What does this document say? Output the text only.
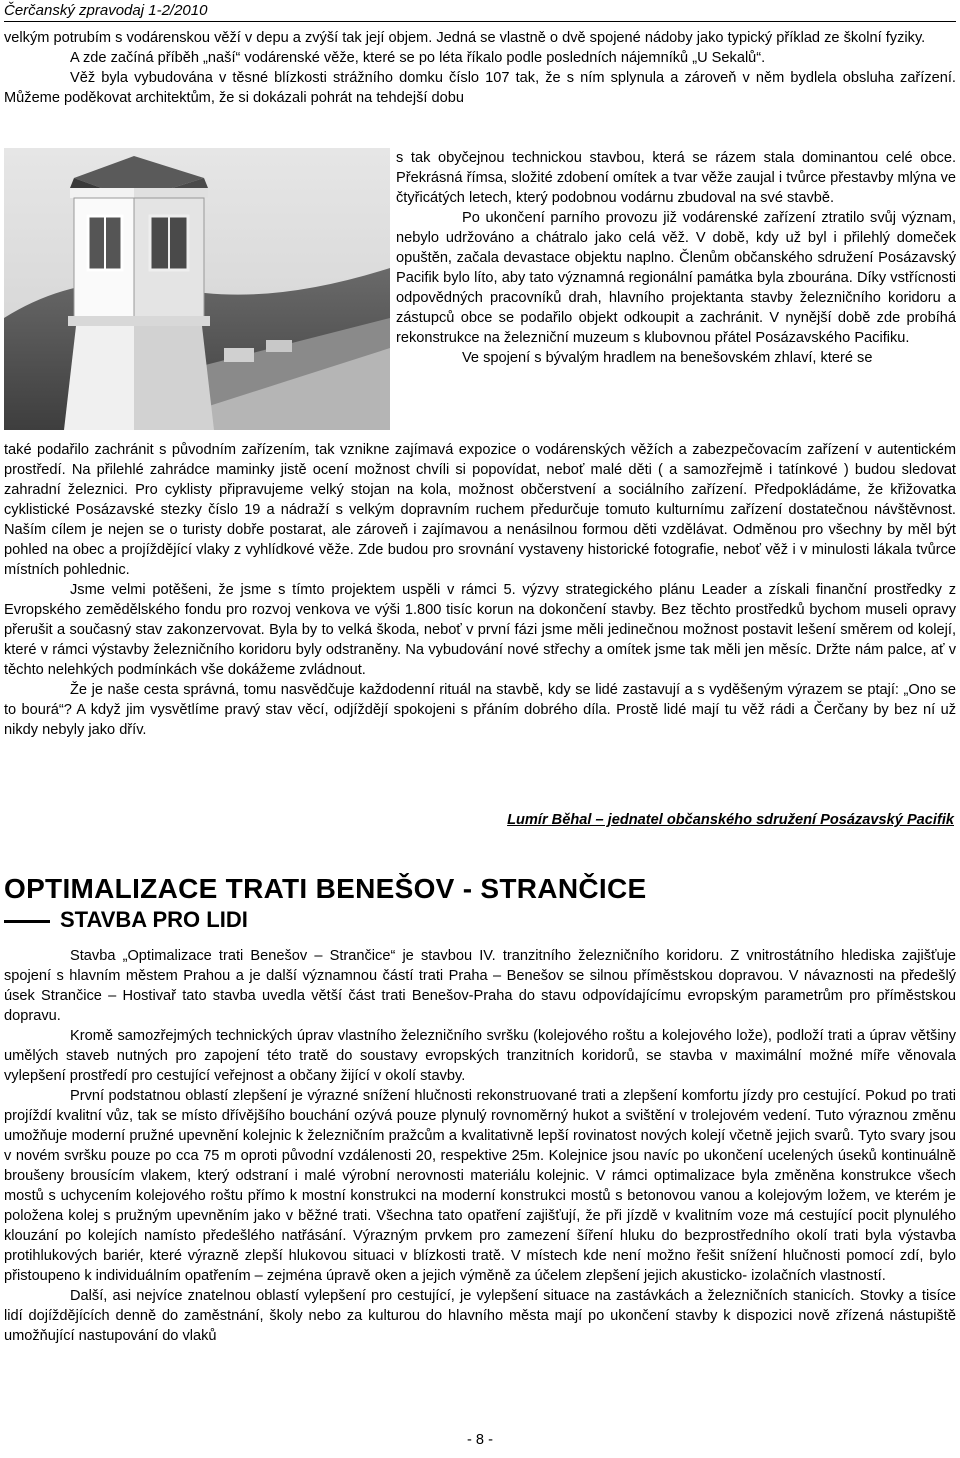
Čerčanský zpravodaj 1-2/2010

velkým potrubím s vodárenskou věží v depu a zvýší tak její objem. Jedná se vlastně o dvě spojené nádoby jako typický příklad ze školní fyziky.

A zde začíná příběh „naší“ vodárenské věže, které se po léta říkalo podle posledních nájemníků „U Sekalů“.

Věž byla vybudována v těsné blízkosti strážního domku číslo 107 tak, že s ním splynula a zároveň v něm bydlela obsluha zařízení. Můžeme poděkovat architektům, že si dokázali pohrát na tehdejší dobu

s tak obyčejnou technickou stavbou, která se rázem stala dominantou celé obce. Překrásná římsa, složité zdobení omítek a tvar věže zaujal i tvůrce přestavby mlýna ve čtyřicátých letech, který podobnou vodárnu zbudoval na své stavbě.

Po ukončení parního provozu již vodárenské zařízení ztratilo svůj význam, nebylo udržováno a chátralo jako celá věž. V době, kdy už byl i přilehlý domeček opuštěn, začala devastace objektu naplno. Členům občanského sdružení Posázavský Pacifik bylo líto, aby tato významná regionální památka byla zbourána. Díky vstřícnosti odpovědných pracovníků drah, hlavního projektanta stavby železničního koridoru a zástupců obce se podařilo objekt odkoupit a zachránit. V nynější době zde probíhá rekonstrukce na železniční muzeum s klubovnou přátel Posázavského Pacifiku.

Ve spojení s bývalým hradlem na benešovském zhlaví, které se

také podařilo zachránit s původním zařízením, tak vznikne zajímavá expozice o vodárenských věžích a zabezpečovacím zařízení v autentickém prostředí. Na přilehlé zahrádce maminky jistě ocení možnost chvíli si popovídat, neboť malé děti ( a samozřejmě i tatínkové ) budou sledovat zahradní železnici. Pro cyklisty připravujeme velký stojan na kola, možnost občerstvení a sociálního zařízení. Předpokládáme, že křižovatka cyklistické Posázavské stezky číslo 19 a nádraží s velkým dopravním ruchem předurčuje tomuto kulturnímu zařízení dostatečnou návštěvnost. Naším cílem je nejen se o turisty dobře postarat, ale zároveň i zajímavou a nenásilnou formou děti vzdělávat. Odměnou pro všechny by měl být pohled na obec a projíždějící vlaky z vyhlídkové věže. Zde budou pro srovnání vystaveny historické fotografie, neboť věž i v minulosti lákala tvůrce místních pohlednic.

Jsme velmi potěšeni, že jsme s tímto projektem uspěli v rámci 5. výzvy strategického plánu Leader a získali finanční prostředky z Evropského zemědělského fondu pro rozvoj venkova ve výši 1.800 tisíc korun na dokončení stavby. Bez těchto prostředků bychom museli opravy přerušit a současný stav zakonzervovat. Byla by to velká škoda, neboť v první fázi jsme měli jedinečnou možnost postavit lešení směrem od kolejí, které v rámci výstavby železničního koridoru byly odstraněny. Na vybudování nové střechy a omítek jsme tak měli jen měsíc. Držte nám palce, ať v těchto nelehkých podmínkách vše dokážeme zvládnout.

Že je naše cesta správná, tomu nasvědčuje každodenní rituál na stavbě, kdy se lidé zastavují a s vyděšeným výrazem se ptají: „Ono se to bourá“? A když jim vysvětlíme pravý stav věcí, odjíždějí spokojeni s přáním dobrého díla. Prostě lidé mají tu věž rádi a Čerčany by bez ní už nikdy nebyly jako dřív.

Lumír Běhal – jednatel občanského sdružení Posázavský Pacifik
OPTIMALIZACE TRATI BENEŠOV - STRANČICE
STAVBA PRO LIDI

Stavba „Optimalizace trati Benešov – Strančice“ je stavbou IV. tranzitního železničního koridoru. Z vnitrostátního hlediska zajišťuje spojení s hlavním městem Prahou a je další významnou částí trati Praha – Benešov se silnou příměstskou dopravou. V návaznosti na předešlý úsek Strančice – Hostivař tato stavba uvedla větší část trati Benešov-Praha do stavu odpovídajícímu evropským parametrům pro příměstskou dopravu.

Kromě samozřejmých technických úprav vlastního železničního svršku (kolejového roštu a kolejového lože), podloží trati a úprav většiny umělých staveb nutných pro zapojení této tratě do soustavy evropských tranzitních koridorů, se stavba v maximální možné míře věnovala vylepšení prostředí pro cestující veřejnost a občany žijící v okolí stavby.

První podstatnou oblastí zlepšení je výrazné snížení hlučnosti rekonstruované trati a zlepšení komfortu jízdy pro cestující. Pokud po trati projíždí kvalitní vůz, tak se místo dřívějšího bouchání ozývá pouze plynulý rovnoměrný hukot a svištění v trolejovém vedení. Tuto výraznou změnu umožňuje moderní pružné upevnění kolejnic k železničním pražcům a kvalitativně lepší rovinatost nových kolejí včetně jejich svarů. Tyto svary jsou v novém svršku pouze po cca 75 m oproti původní vzdálenosti 20, respektive 25m. Kolejnice jsou navíc po ukončení ucelených úseků kontinuálně broušeny brousícím vlakem, který odstraní i malé výrobní nerovnosti materiálu kolejnic. V rámci optimalizace byla změněna konstrukce všech mostů s uchycením kolejového roštu přímo k mostní konstrukci na moderní konstrukci mostů s betonovou vanou a kolejovým ložem, ve kterém je položena kolej s pružným upevněním jako v běžné trati. Všechna tato opatření zajišťují, že při jízdě v kvalitním voze má cestující pocit plynulého klouzání po kolejích namísto předešlého natřásání. Výrazným prvkem pro zamezení šíření hluku do bezprostředního okolí trati byla výstavba protihlukových bariér, které výrazně zlepší hlukovou situaci v blízkosti tratě. V místech kde není možno řešit snížení hlučnosti pomocí zdí, bylo přistoupeno k individuálním opatřením – zejména úpravě oken a jejich výměně za účelem zlepšení jejich akusticko- izolačních vlastností.

Další, asi nejvíce znatelnou oblastí vylepšení pro cestující, je vylepšení situace na zastávkách a železničních stanicích. Stovky a tisíce lidí dojíždějících denně do zaměstnání, školy nebo za kulturou do hlavního města mají po ukončení stavby k dispozici nově zřízená nástupiště umožňující nastupování do vlaků

- 8 -
